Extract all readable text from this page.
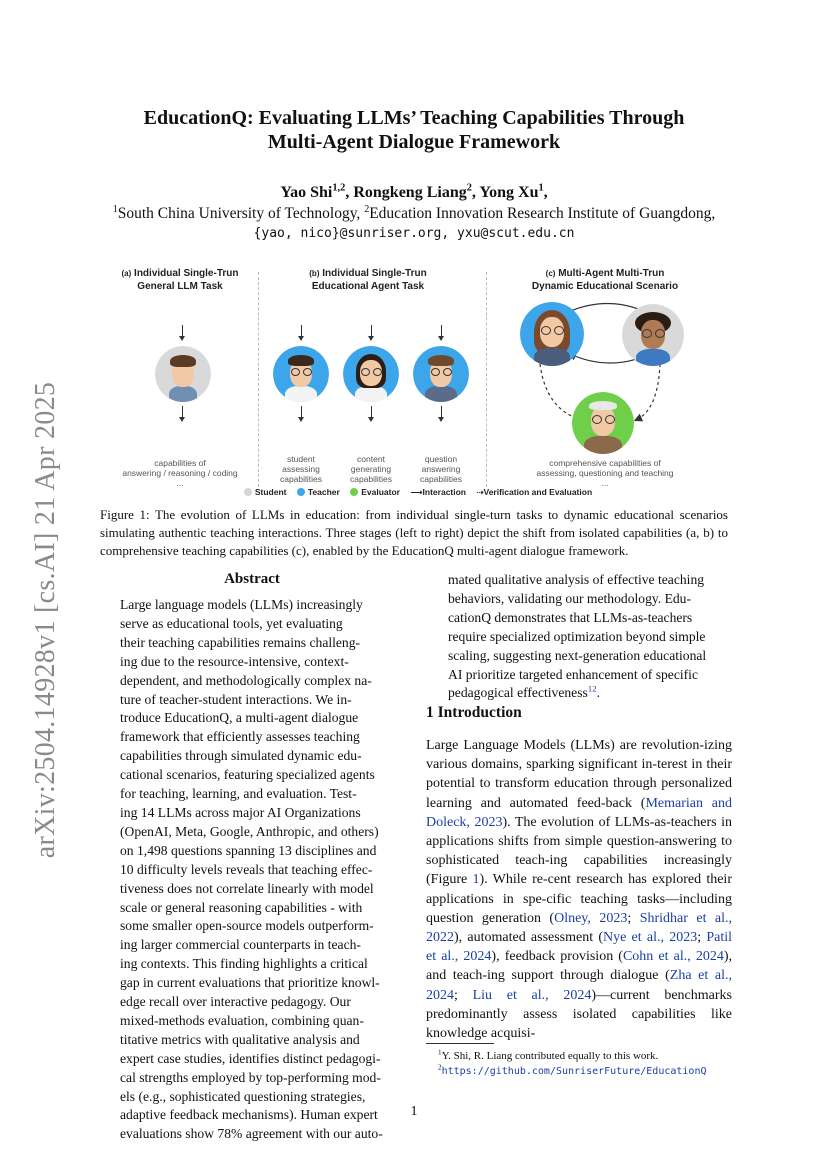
arXiv:2504.14928v1 [cs.AI] 21 Apr 2025
EducationQ: Evaluating LLMs’ Teaching Capabilities Through
Multi-Agent Dialogue Framework
Yao Shi$^{1,2}$, Rongkeng Liang$^2$, Yong Xu$^1$,
$^1$South China University of Technology, $^2$Education Innovation Research Institute of Guangdong,
{yao, nico}@sunriser.org, yxu@scut.edu.cn
(a) Individual Single-Trun
General LLM Task
(b) Individual Single-Trun
Educational Agent Task
(c) Multi-Agent Multi-Trun
Dynamic Educational Scenario
capabilities of
answering / reasoning / coding
...
student
assessing
capabilities
content
generating
capabilities
question
answering
capabilities
comprehensive capabilities of
assessing, questioning and teaching
...
Student	Teacher	Evaluator ⟶Interaction ⇢Verification and Evaluation
Figure 1: The evolution of LLMs in education: from individual single-turn tasks to dynamic educational scenarios simulating authentic teaching interactions. Three stages (left to right) depict the shift from isolated capabilities (a, b) to comprehensive teaching capabilities (c), enabled by the EducationQ multi-agent dialogue framework.
Abstract
Large language models (LLMs) increasingly
serve as educational tools, yet evaluating
their teaching capabilities remains challeng-
ing due to the resource-intensive, context-
dependent, and methodologically complex na-
ture of teacher-student interactions. We in-
troduce EducationQ, a multi-agent dialogue
framework that efficiently assesses teaching
capabilities through simulated dynamic edu-
cational scenarios, featuring specialized agents
for teaching, learning, and evaluation. Test-
ing 14 LLMs across major AI Organizations
(OpenAI, Meta, Google, Anthropic, and others)
on 1,498 questions spanning 13 disciplines and
10 difficulty levels reveals that teaching effec-
tiveness does not correlate linearly with model
scale or general reasoning capabilities - with
some smaller open-source models outperform-
ing larger commercial counterparts in teach-
ing contexts. This finding highlights a critical
gap in current evaluations that prioritize knowl-
edge recall over interactive pedagogy. Our
mixed-methods evaluation, combining quan-
titative metrics with qualitative analysis and
expert case studies, identifies distinct pedagogi-
cal strengths employed by top-performing mod-
els (e.g., sophisticated questioning strategies,
adaptive feedback mechanisms). Human expert
evaluations show 78% agreement with our auto-
mated qualitative analysis of effective teaching
behaviors, validating our methodology. Edu-
cationQ demonstrates that LLMs-as-teachers
require specialized optimization beyond simple
scaling, suggesting next-generation educational
AI prioritize targeted enhancement of specific
pedagogical effectiveness$^{12}$.
1 Introduction

Large Language Models (LLMs) are revolution-izing various domains, sparking significant in-terest in their potential to transform education through personalized learning and automated feed-back (Memarian and Doleck, 2023). The evolution of LLMs-as-teachers in applications shifts from simple question-answering to sophisticated teach-ing capabilities increasingly (Figure 1). While re-cent research has explored their applications in spe-cific teaching tasks—including question generation (Olney, 2023; Shridhar et al., 2022), automated assessment (Nye et al., 2023; Patil et al., 2024), feedback provision (Cohn et al., 2024), and teach-ing support through dialogue (Zha et al., 2024; Liu et al., 2024)—current benchmarks predominantly assess isolated capabilities like knowledge acquisi-

$^1$Y. Shi, R. Liang contributed equally to this work.
$^2$https://github.com/SunriserFuture/EducationQ
1
